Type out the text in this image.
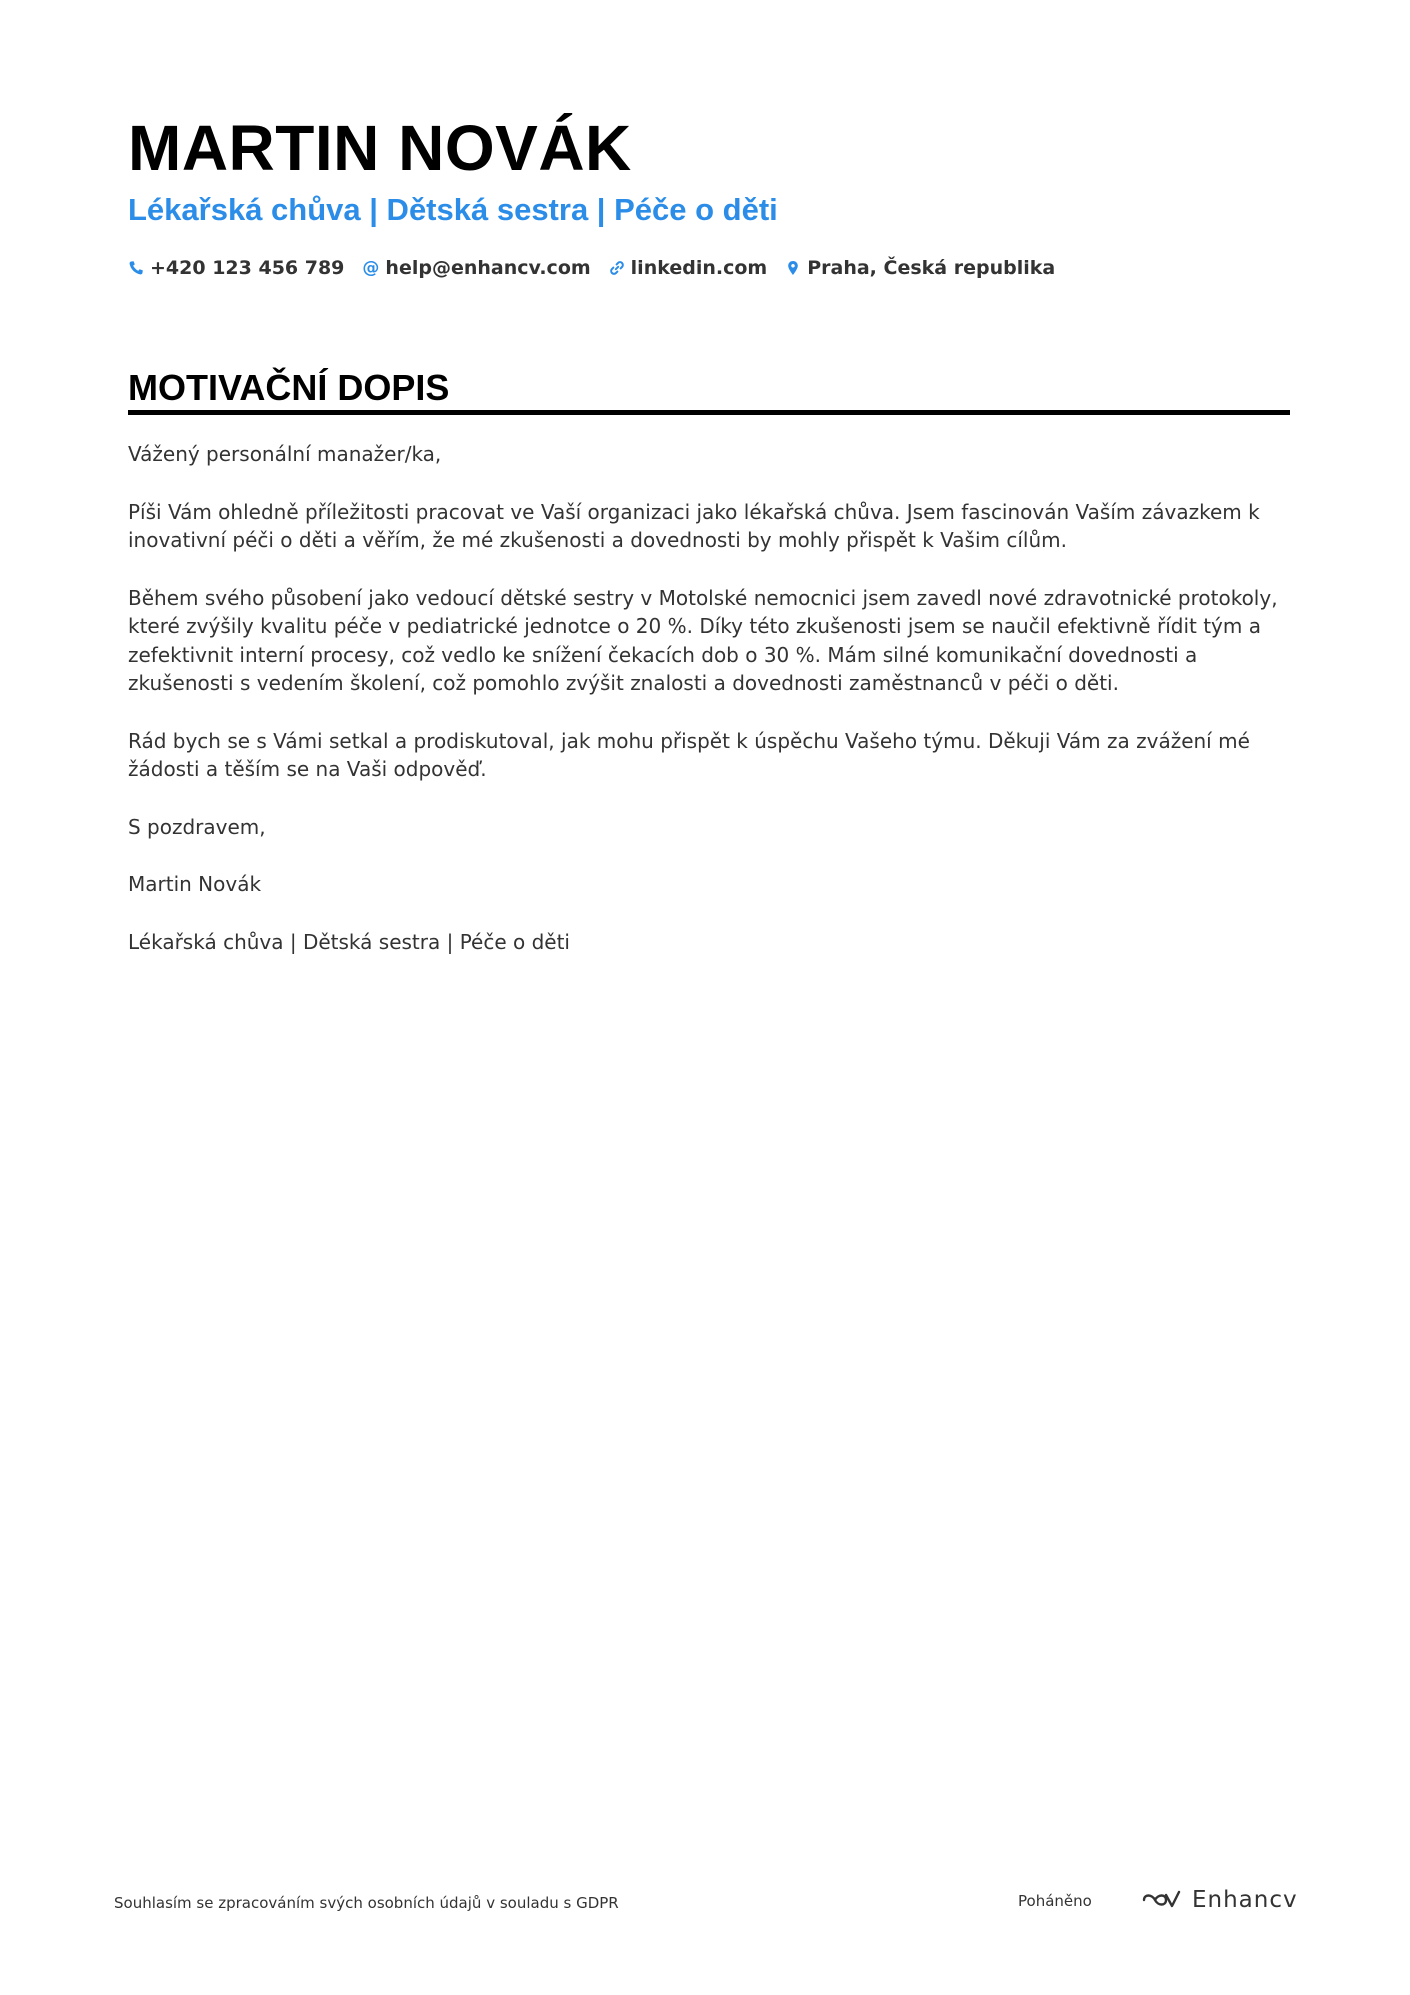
MARTIN NOVÁK
Lékařská chůva | Dětská sestra | Péče o děti
+420 123 456 789 @ help@enhancv.com linkedin.com Praha, Česká republika
MOTIVAČNÍ DOPIS

Vážený personální manažer/ka,

Píši Vám ohledně příležitosti pracovat ve Vaší organizaci jako lékařská chůva. Jsem fascinován Vaším závazkem k inovativní péči o děti a věřím, že mé zkušenosti a dovednosti by mohly přispět k Vašim cílům.

Během svého působení jako vedoucí dětské sestry v Motolské nemocnici jsem zavedl nové zdravotnické protokoly, které zvýšily kvalitu péče v pediatrické jednotce o 20 %. Díky této zkušenosti jsem se naučil efektivně řídit tým a zefektivnit interní procesy, což vedlo ke snížení čekacích dob o 30 %. Mám silné komunikační dovednosti a zkušenosti s vedením školení, což pomohlo zvýšit znalosti a dovednosti zaměstnanců v péči o děti.

Rád bych se s Vámi setkal a prodiskutoval, jak mohu přispět k úspěchu Vašeho týmu. Děkuji Vám za zvážení mé žádosti a těším se na Vaši odpověď.

S pozdravem,

Martin Novák

Lékařská chůva | Dětská sestra | Péče o děti

Souhlasím se zpracováním svých osobních údajů v souladu s GDPR	Poháněno	Enhancv
